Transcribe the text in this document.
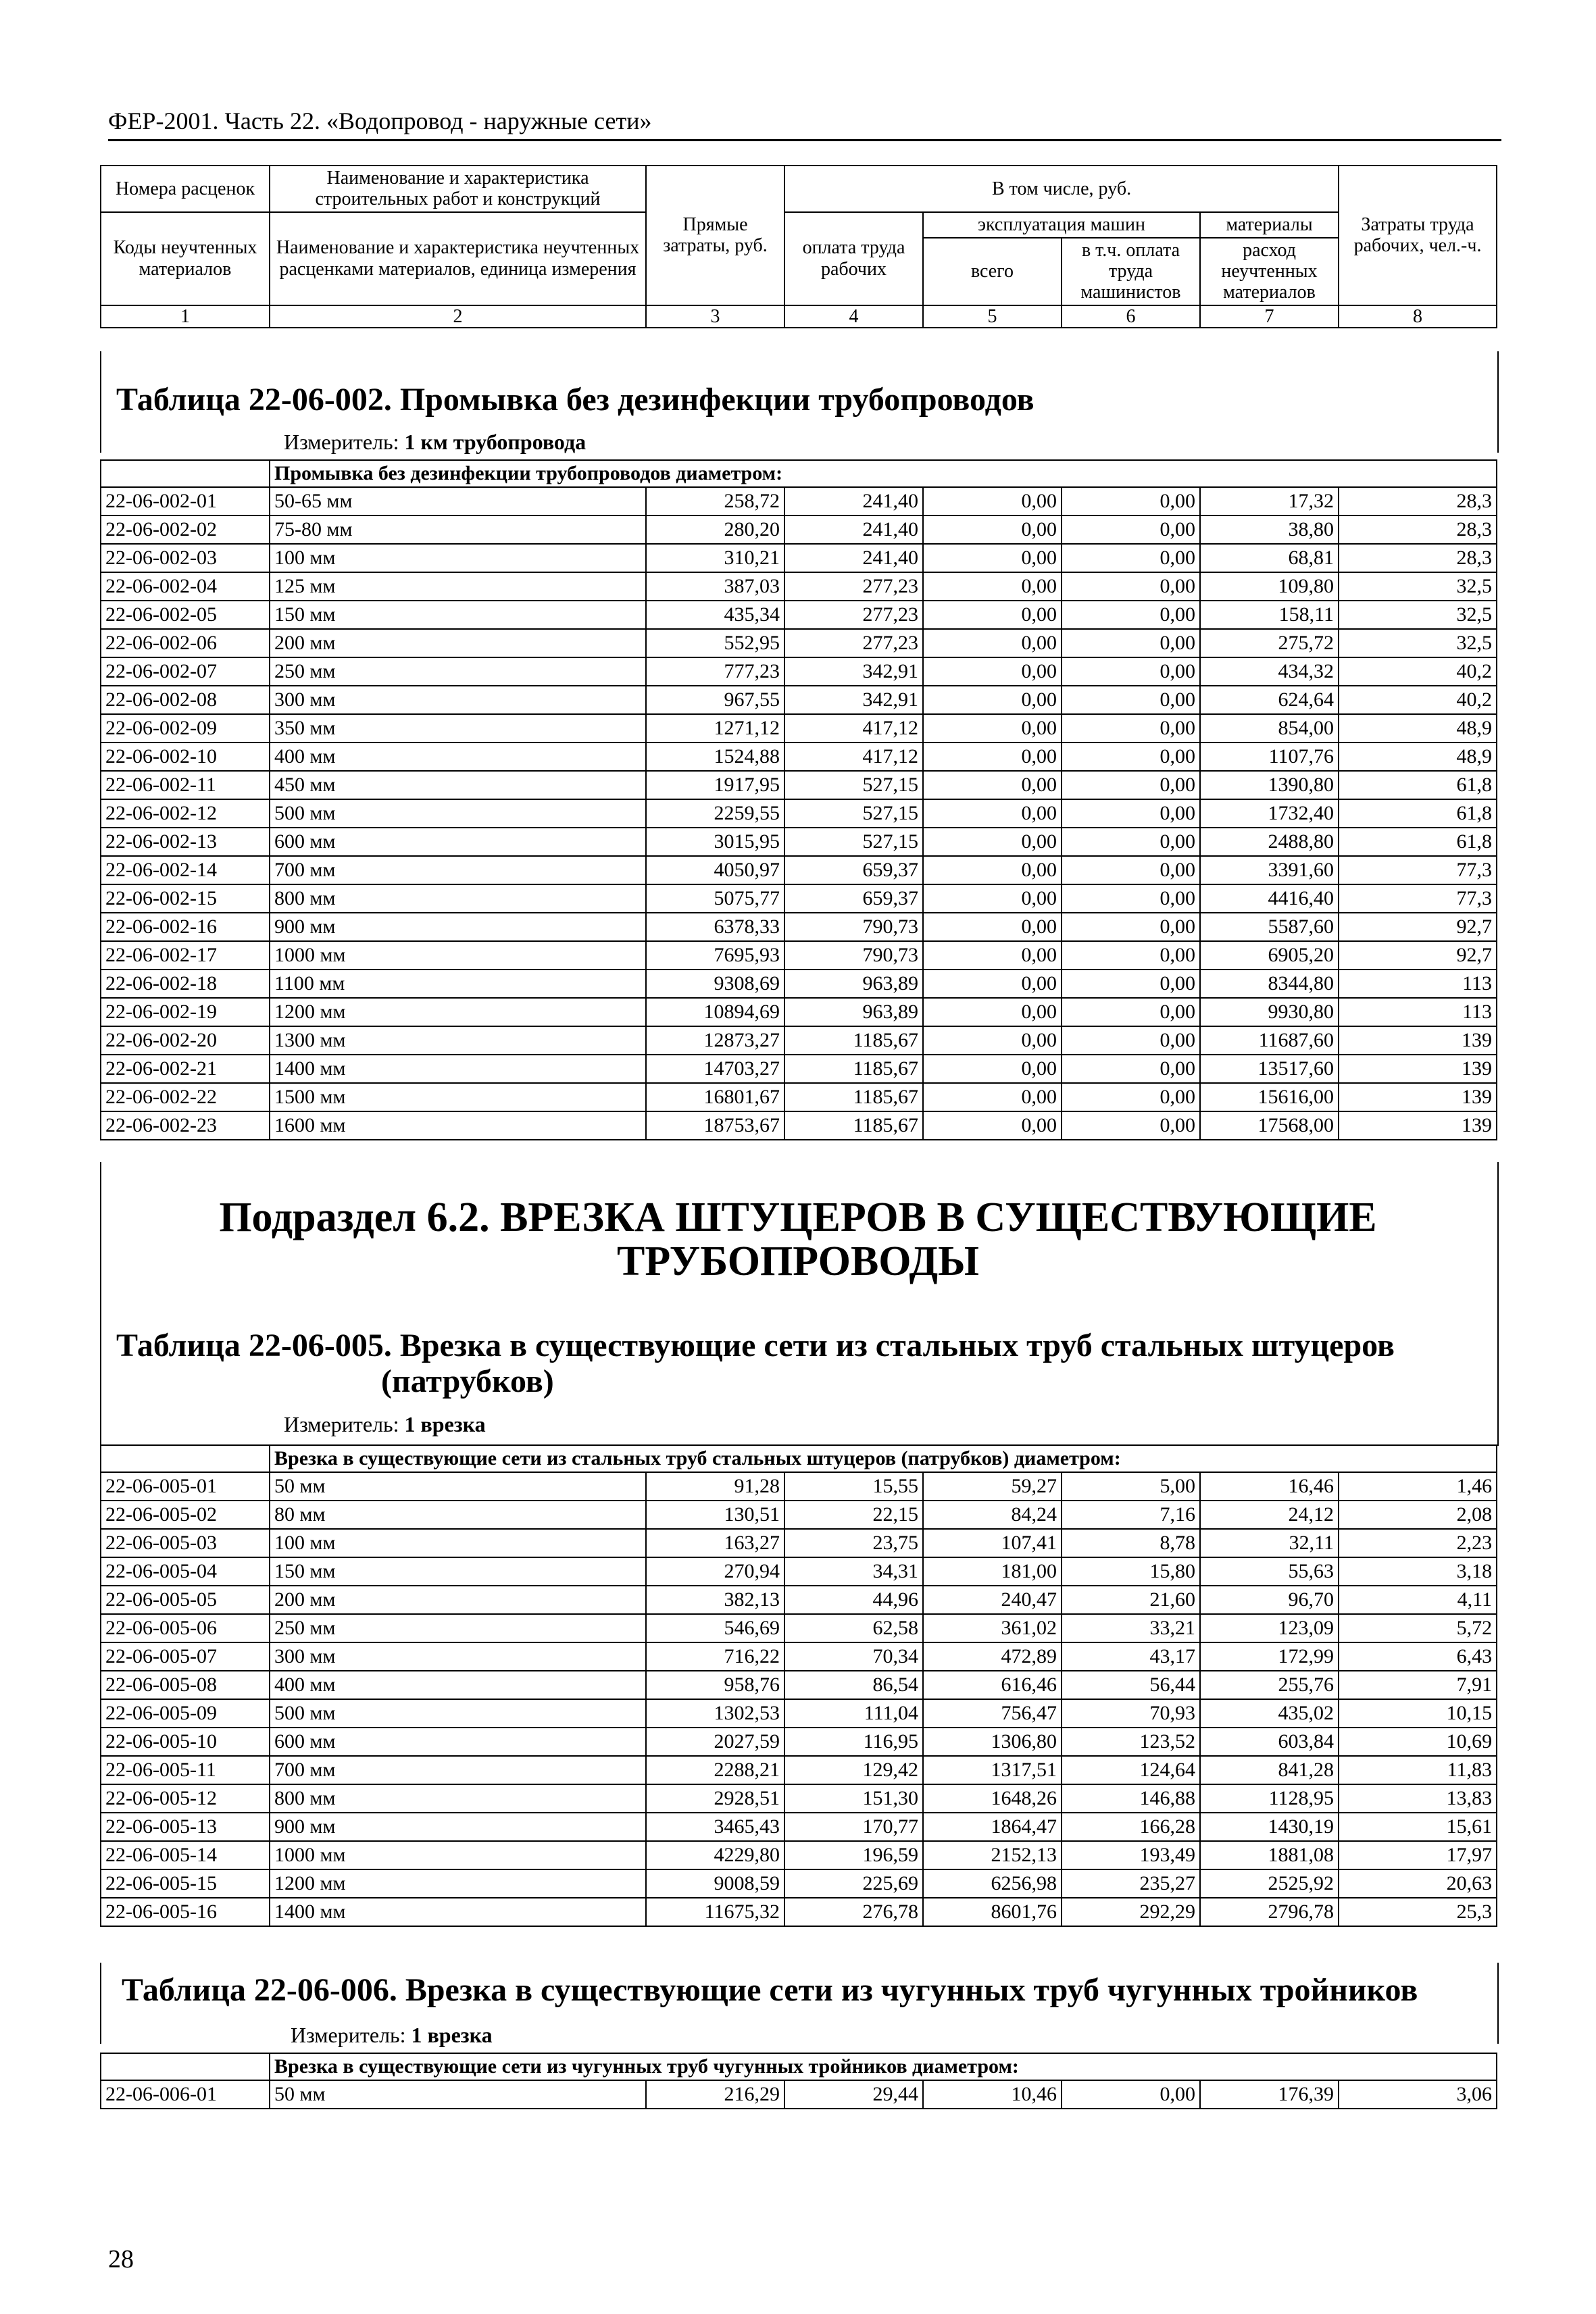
ФЕР-2001. Часть 22. «Водопровод - наружные сети»
Номера расценок	Наименование и характеристика строительных работ и конструкций	Прямые затраты, руб.	В том числе, руб.				Затраты труда рабочих, чел.-ч.
Коды неучтенных материалов	Наименование и характеристика неучтенных расценками материалов, единица измерения		оплата труда рабочих	эксплуатация машин		материалы	
				всего	в т.ч. оплата труда машинистов	расход неучтенных материалов	
1	2	3	4	5	6	7	8
Таблица 22-06-002. Промывка без дезинфекции трубопроводов
Измеритель: 1 км трубопровода
	Промывка без дезинфекции трубопроводов диаметром:						
22-06-002-01	50-65 мм	258,72	241,40	0,00	0,00	17,32	28,3
22-06-002-02	75-80 мм	280,20	241,40	0,00	0,00	38,80	28,3
22-06-002-03	100 мм	310,21	241,40	0,00	0,00	68,81	28,3
22-06-002-04	125 мм	387,03	277,23	0,00	0,00	109,80	32,5
22-06-002-05	150 мм	435,34	277,23	0,00	0,00	158,11	32,5
22-06-002-06	200 мм	552,95	277,23	0,00	0,00	275,72	32,5
22-06-002-07	250 мм	777,23	342,91	0,00	0,00	434,32	40,2
22-06-002-08	300 мм	967,55	342,91	0,00	0,00	624,64	40,2
22-06-002-09	350 мм	1271,12	417,12	0,00	0,00	854,00	48,9
22-06-002-10	400 мм	1524,88	417,12	0,00	0,00	1107,76	48,9
22-06-002-11	450 мм	1917,95	527,15	0,00	0,00	1390,80	61,8
22-06-002-12	500 мм	2259,55	527,15	0,00	0,00	1732,40	61,8
22-06-002-13	600 мм	3015,95	527,15	0,00	0,00	2488,80	61,8
22-06-002-14	700 мм	4050,97	659,37	0,00	0,00	3391,60	77,3
22-06-002-15	800 мм	5075,77	659,37	0,00	0,00	4416,40	77,3
22-06-002-16	900 мм	6378,33	790,73	0,00	0,00	5587,60	92,7
22-06-002-17	1000 мм	7695,93	790,73	0,00	0,00	6905,20	92,7
22-06-002-18	1100 мм	9308,69	963,89	0,00	0,00	8344,80	113
22-06-002-19	1200 мм	10894,69	963,89	0,00	0,00	9930,80	113
22-06-002-20	1300 мм	12873,27	1185,67	0,00	0,00	11687,60	139
22-06-002-21	1400 мм	14703,27	1185,67	0,00	0,00	13517,60	139
22-06-002-22	1500 мм	16801,67	1185,67	0,00	0,00	15616,00	139
22-06-002-23	1600 мм	18753,67	1185,67	0,00	0,00	17568,00	139
Подраздел 6.2. ВРЕЗКА ШТУЦЕРОВ В СУЩЕСТВУЮЩИЕ
ТРУБОПРОВОДЫ
Таблица 22-06-005. Врезка в существующие сети из стальных труб стальных штуцеров
(патрубков)
Измеритель: 1 врезка
	Врезка в существующие сети из стальных труб стальных штуцеров (патрубков) диаметром:						
22-06-005-01	50 мм	91,28	15,55	59,27	5,00	16,46	1,46
22-06-005-02	80 мм	130,51	22,15	84,24	7,16	24,12	2,08
22-06-005-03	100 мм	163,27	23,75	107,41	8,78	32,11	2,23
22-06-005-04	150 мм	270,94	34,31	181,00	15,80	55,63	3,18
22-06-005-05	200 мм	382,13	44,96	240,47	21,60	96,70	4,11
22-06-005-06	250 мм	546,69	62,58	361,02	33,21	123,09	5,72
22-06-005-07	300 мм	716,22	70,34	472,89	43,17	172,99	6,43
22-06-005-08	400 мм	958,76	86,54	616,46	56,44	255,76	7,91
22-06-005-09	500 мм	1302,53	111,04	756,47	70,93	435,02	10,15
22-06-005-10	600 мм	2027,59	116,95	1306,80	123,52	603,84	10,69
22-06-005-11	700 мм	2288,21	129,42	1317,51	124,64	841,28	11,83
22-06-005-12	800 мм	2928,51	151,30	1648,26	146,88	1128,95	13,83
22-06-005-13	900 мм	3465,43	170,77	1864,47	166,28	1430,19	15,61
22-06-005-14	1000 мм	4229,80	196,59	2152,13	193,49	1881,08	17,97
22-06-005-15	1200 мм	9008,59	225,69	6256,98	235,27	2525,92	20,63
22-06-005-16	1400 мм	11675,32	276,78	8601,76	292,29	2796,78	25,3
Таблица 22-06-006. Врезка в существующие сети из чугунных труб чугунных тройников
Измеритель: 1 врезка
	Врезка в существующие сети из чугунных труб чугунных тройников диаметром:						
22-06-006-01	50 мм	216,29	29,44	10,46	0,00	176,39	3,06
28
